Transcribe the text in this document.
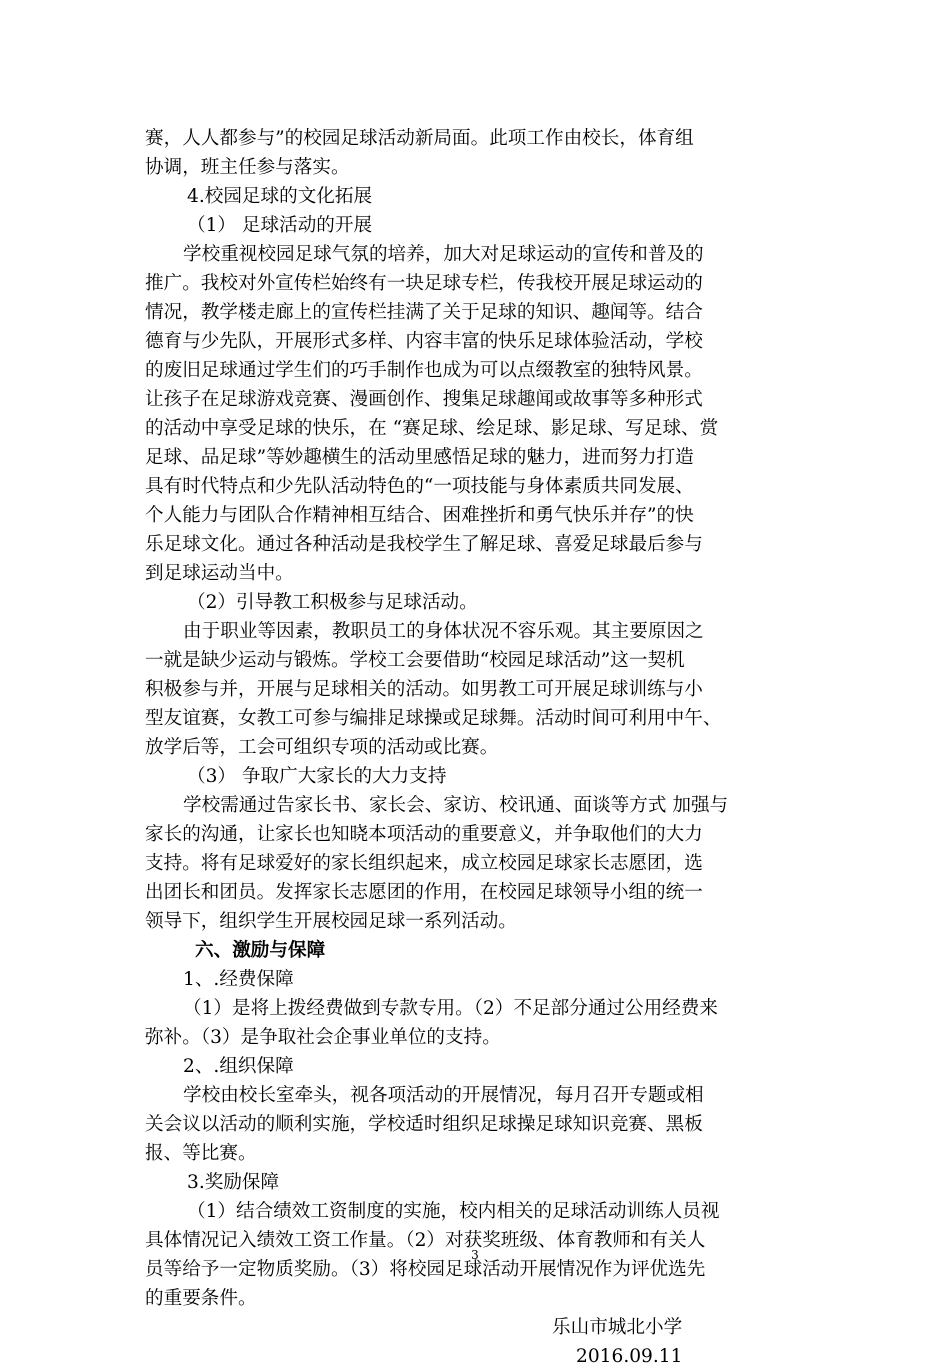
赛，人人都参与”的校园足球活动新局面。此项工作由校长，体育组
协调，班主任参与落实。
4.校园足球的文化拓展
（1） 足球活动的开展
学校重视校园足球气氛的培养，加大对足球运动的宣传和普及的
推广。我校对外宣传栏始终有一块足球专栏，传我校开展足球运动的
情况，教学楼走廊上的宣传栏挂满了关于足球的知识、趣闻等。结合
德育与少先队，开展形式多样、内容丰富的快乐足球体验活动，学校
的废旧足球通过学生们的巧手制作也成为可以点缀教室的独特风景。
让孩子在足球游戏竞赛、漫画创作、搜集足球趣闻或故事等多种形式
的活动中享受足球的快乐，在 “赛足球、绘足球、影足球、写足球、赏
足球、品足球”等妙趣横生的活动里感悟足球的魅力，进而努力打造
具有时代特点和少先队活动特色的“一项技能与身体素质共同发展、
个人能力与团队合作精神相互结合、困难挫折和勇气快乐并存”的快
乐足球文化。通过各种活动是我校学生了解足球、喜爱足球最后参与
到足球运动当中。
（2）引导教工积极参与足球活动。
由于职业等因素，教职员工的身体状况不容乐观。其主要原因之
一就是缺少运动与锻炼。学校工会要借助“校园足球活动”这一契机
积极参与并，开展与足球相关的活动。如男教工可开展足球训练与小
型友谊赛，女教工可参与编排足球操或足球舞。活动时间可利用中午、
放学后等，工会可组织专项的活动或比赛。
（3） 争取广大家长的大力支持
学校需通过告家长书、家长会、家访、校讯通、面谈等方式 加强与
家长的沟通，让家长也知晓本项活动的重要意义，并争取他们的大力
支持。将有足球爱好的家长组织起来，成立校园足球家长志愿团，选
出团长和团员。发挥家长志愿团的作用，在校园足球领导小组的统一
领导下，组织学生开展校园足球一系列活动。
六、激励与保障
1、.经费保障
（1）是将上拨经费做到专款专用。（2）不足部分通过公用经费来
弥补。（3）是争取社会企事业单位的支持。
2、.组织保障
学校由校长室牵头，视各项活动的开展情况，每月召开专题或相
关会议以活动的顺利实施，学校适时组织足球操足球知识竞赛、黑板
报、等比赛。
3.奖励保障
（1）结合绩效工资制度的实施，校内相关的足球活动训练人员视
具体情况记入绩效工资工作量。（2）对获奖班级、体育教师和有关人
员等给予一定物质奖励。（3）将校园足球活动开展情况作为评优选先
的重要条件。
乐山市城北小学
2016.09.11
3
